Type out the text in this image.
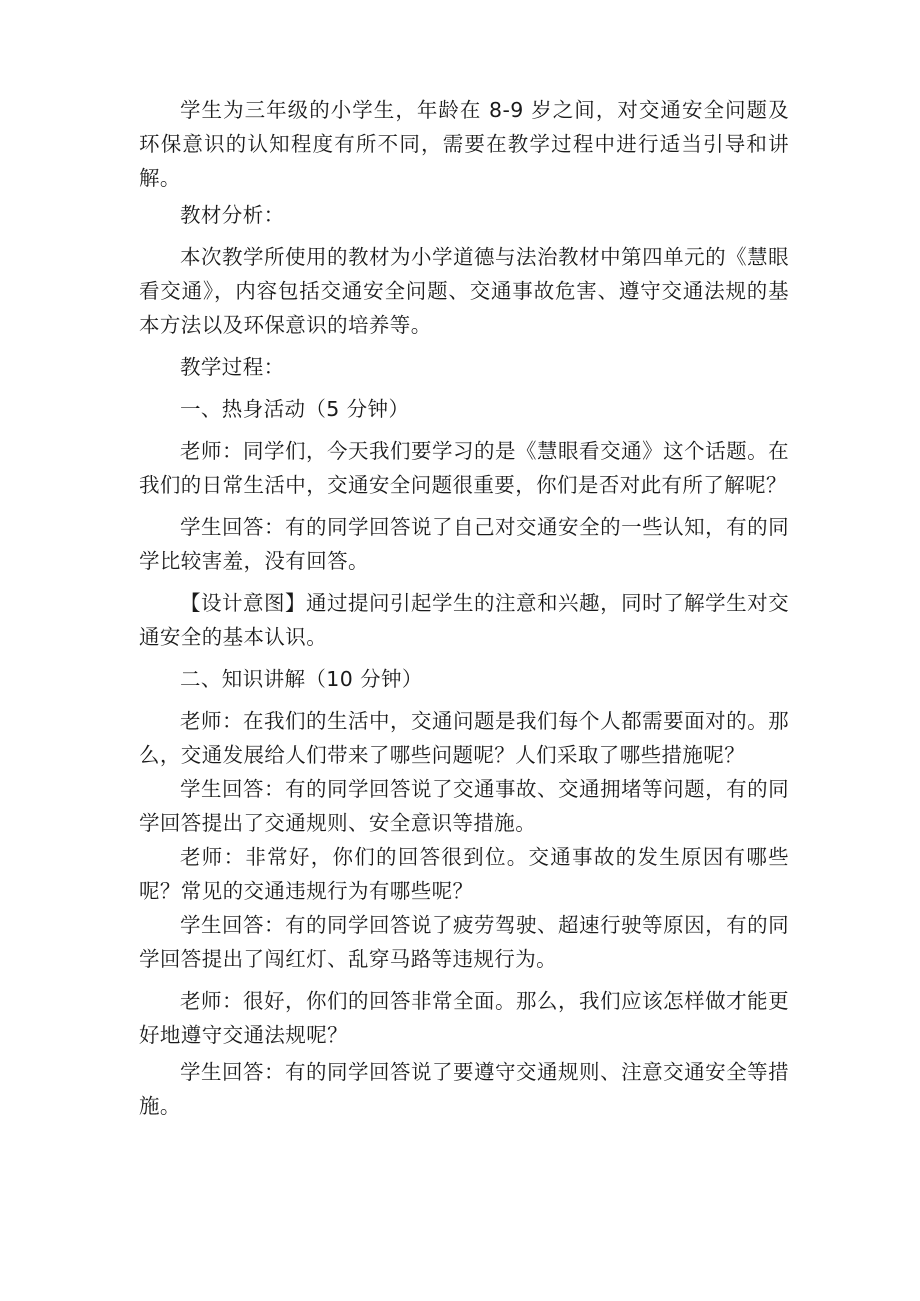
学生为三年级的小学生，年龄在 8-9 岁之间，对交通安全问题及环保意识的认知程度有所不同，需要在教学过程中进行适当引导和讲解。

教材分析：

本次教学所使用的教材为小学道德与法治教材中第四单元的《慧眼看交通》，内容包括交通安全问题、交通事故危害、遵守交通法规的基本方法以及环保意识的培养等。

教学过程：

一、热身活动（5 分钟）

老师：同学们，今天我们要学习的是《慧眼看交通》这个话题。在我们的日常生活中，交通安全问题很重要，你们是否对此有所了解呢？

学生回答：有的同学回答说了自己对交通安全的一些认知，有的同学比较害羞，没有回答。

【设计意图】通过提问引起学生的注意和兴趣，同时了解学生对交通安全的基本认识。

二、知识讲解（10 分钟）

老师：在我们的生活中，交通问题是我们每个人都需要面对的。那么，交通发展给人们带来了哪些问题呢？人们采取了哪些措施呢？

学生回答：有的同学回答说了交通事故、交通拥堵等问题，有的同学回答提出了交通规则、安全意识等措施。

老师：非常好，你们的回答很到位。交通事故的发生原因有哪些呢？常见的交通违规行为有哪些呢？

学生回答：有的同学回答说了疲劳驾驶、超速行驶等原因，有的同学回答提出了闯红灯、乱穿马路等违规行为。

老师：很好，你们的回答非常全面。那么，我们应该怎样做才能更好地遵守交通法规呢？

学生回答：有的同学回答说了要遵守交通规则、注意交通安全等措施。
